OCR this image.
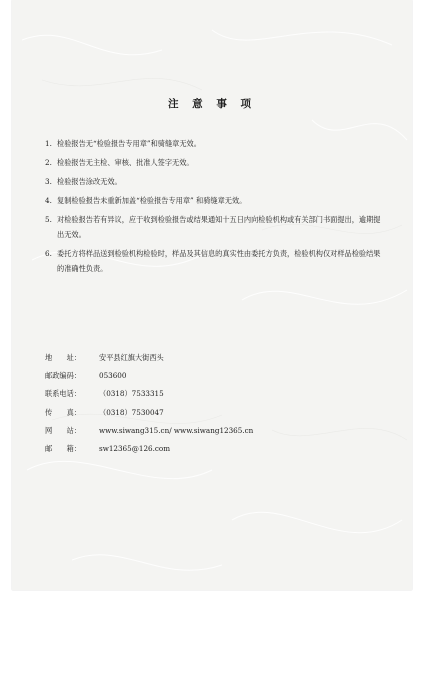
注 意 事 项
1. 检验报告无“检验报告专用章”和骑缝章无效。
2. 检验报告无主检、审核、批准人签字无效。
3. 检验报告涂改无效。
4. 复制检验报告未重新加盖“检验报告专用章” 和骑缝章无效。
5. 对检验报告若有异议，应于收到检验报告或结果通知十五日内向检验机构或有关部门书面提出，逾期提出无效。
6. 委托方将样品送到检验机构检验时，样品及其信息的真实性由委托方负责，检验机构仅对样品检验结果的准确性负责。
地　　址：	安平县红旗大街西头
邮政编码：	053600
联系电话：	（0318）7533315
传　　真：	（0318）7530047
网　　站：	www.siwang315.cn/ www.siwang12365.cn
邮　　箱：	sw12365@126.com
